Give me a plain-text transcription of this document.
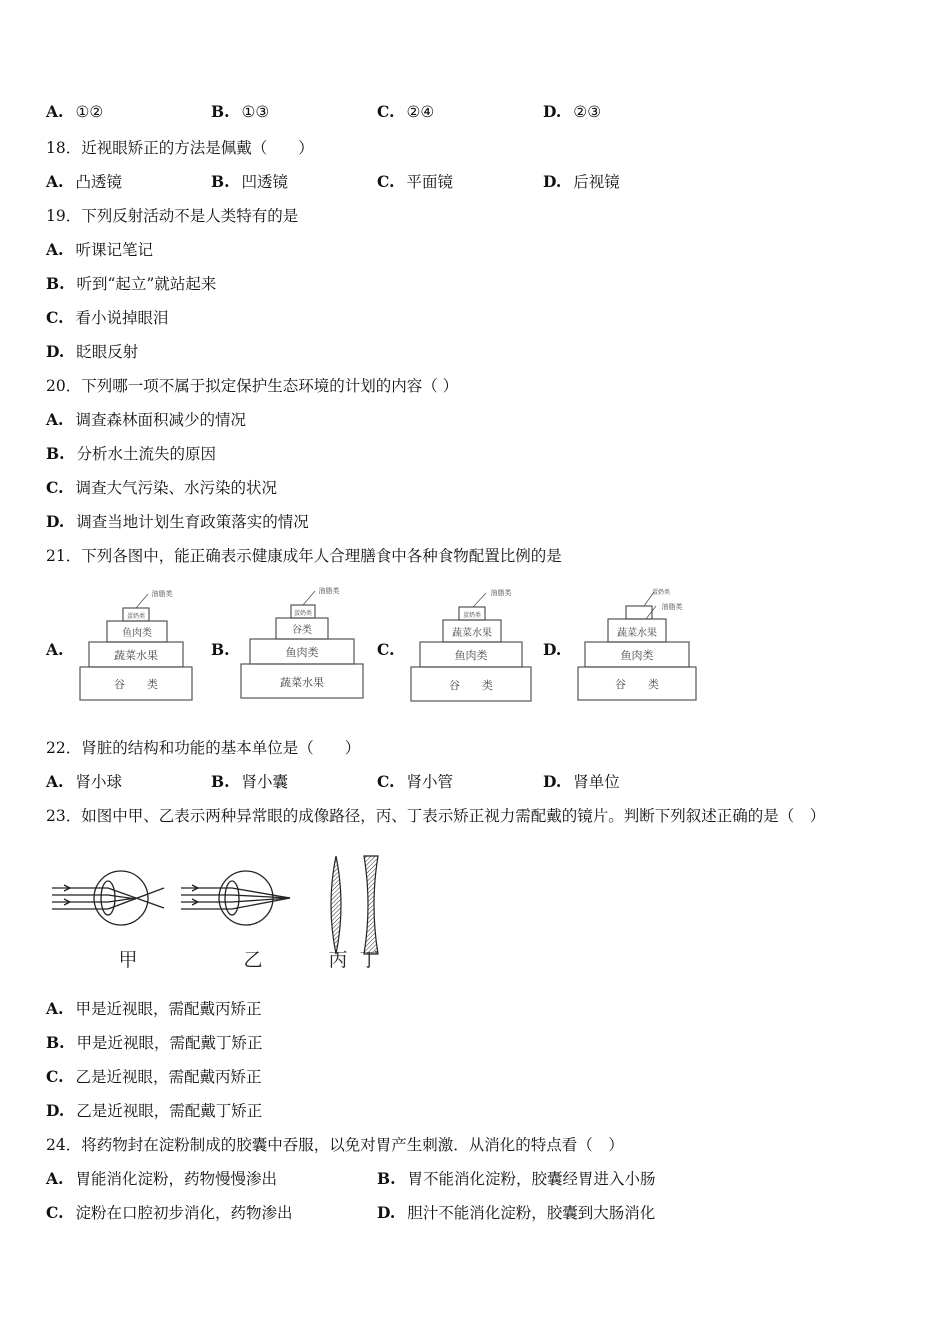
A. ①②	B. ①③	C. ②④	D. ②③
18．近视眼矫正的方法是佩戴（　　）
A. 凸透镜	B. 凹透镜	C. 平面镜	D. 后视镜
19．下列反射活动不是人类特有的是
A. 听课记笔记
B. 听到“起立”就站起来
C. 看小说掉眼泪
D. 眨眼反射
20．下列哪一项不属于拟定保护生态环境的计划的内容（ ）
A. 调查森林面积减少的情况
B. 分析水土流失的原因
C. 调查大气污染、水污染的状况
D. 调查当地计划生育政策落实的情况
21．下列各图中，能正确表示健康成年人合理膳食中各种食物配置比例的是
A.	B.	C.	D.
谷　　类
蔬菜水果
鱼肉类
蛋奶类
油脂类
蔬菜水果
鱼肉类
谷类
蛋奶类
油脂类
谷　　类
鱼肉类
蔬菜水果
蛋奶类
油脂类
谷　　类
鱼肉类
蔬菜水果
蛋奶类
油脂类
22．肾脏的结构和功能的基本单位是（　　）
A. 肾小球	B. 肾小囊	C. 肾小管	D. 肾单位
23．如图中甲、乙表示两种异常眼的成像路径，丙、丁表示矫正视力需配戴的镜片。判断下列叙述正确的是（　）
甲	乙	丙 丁
A. 甲是近视眼，需配戴丙矫正
B. 甲是近视眼，需配戴丁矫正
C. 乙是近视眼，需配戴丙矫正
D. 乙是近视眼，需配戴丁矫正
24．将药物封在淀粉制成的胶囊中吞服，以免对胃产生刺激．从消化的特点看（　）
A. 胃能消化淀粉，药物慢慢渗出	B. 胃不能消化淀粉，胶囊经胃进入小肠
C. 淀粉在口腔初步消化，药物渗出	D. 胆汁不能消化淀粉，胶囊到大肠消化
